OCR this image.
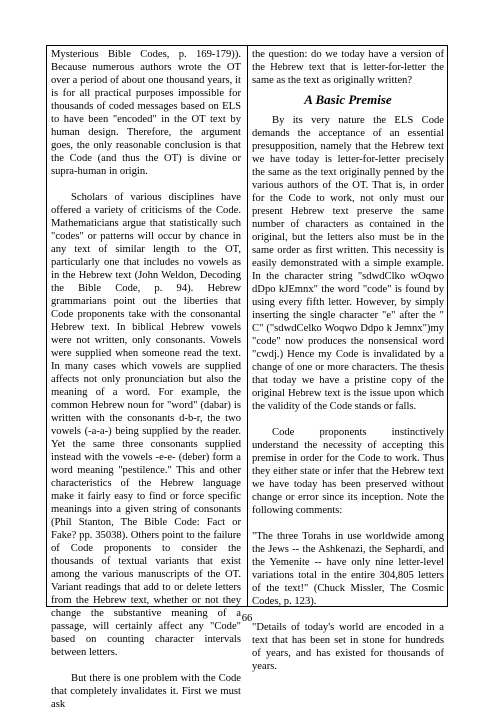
Mysterious Bible Codes, p. 169-179)). Because numerous authors wrote the OT over a period of about one thousand years, it is for all practical purposes impossible for thousands of coded messages based on ELS to have been "encoded" in the OT text by human design. Therefore, the argument goes, the only reasonable conclusion is that the Code (and thus the OT) is divine or supra-human in origin.

Scholars of various disciplines have offered a variety of criticisms of the Code. Mathematicians argue that statistically such "codes" or patterns will occur by chance in any text of similar length to the OT, particularly one that includes no vowels as in the Hebrew text (John Weldon, Decoding the Bible Code, p. 94). Hebrew grammarians point out the liberties that Code proponents take with the consonantal Hebrew text. In biblical Hebrew vowels were not written, only consonants. Vowels were supplied when someone read the text. In many cases which vowels are supplied affects not only pronunciation but also the meaning of a word. For example, the common Hebrew noun for "word" (dabar) is written with the consonants d-b-r, the two vowels (-a-a-) being supplied by the reader. Yet the same three consonants supplied instead with the vowels -e-e- (deber) form a word meaning "pestilence." This and other characteristics of the Hebrew language make it fairly easy to find or force specific meanings into a given string of consonants (Phil Stanton, The Bible Code: Fact or Fake? pp. 35038). Others point to the failure of Code proponents to consider the thousands of textual variants that exist among the various manuscripts of the OT. Variant readings that add to or delete letters from the Hebrew text, whether or not they change the substantive meaning of a passage, will certainly affect any "Code" based on counting character intervals between letters.

But there is one problem with the Code that completely invalidates it. First we must ask

the question: do we today have a version of the Hebrew text that is letter-for-letter the same as the text as originally written?

A Basic Premise

By its very nature the ELS Code demands the acceptance of an essential presupposition, namely that the Hebrew text we have today is letter-for-letter precisely the same as the text originally penned by the various authors of the OT. That is, in order for the Code to work, not only must our present Hebrew text preserve the same number of characters as contained in the original, but the letters also must be in the same order as first written. This necessity is easily demonstrated with a simple example. In the character string "sdwdClko wOqwo dDpo kJEmnx" the word "code" is found by using every fifth letter. However, by simply inserting the single character "e" after the " C" ("sdwdCelko Woqwo Ddpo k Jemnx")my "code" now produces the nonsensical word "cwdj.) Hence my Code is invalidated by a change of one or more characters. The thesis that today we have a pristine copy of the original Hebrew text is the issue upon which the validity of the Code stands or falls.

Code proponents instinctively understand the necessity of accepting this premise in order for the Code to work. Thus they either state or infer that the Hebrew text we have today has been preserved without change or error since its inception. Note the following comments:

"The three Torahs in use worldwide among the Jews -- the Ashkenazi, the Sephardi, and the Yemenite -- have only nine letter-level variations total in the entire 304,805 letters of the text!" (Chuck Missler, The Cosmic Codes, p. 123).

"Details of today's world are encoded in a text that has been set in stone for hundreds of years, and has existed for thousands of years.

66
